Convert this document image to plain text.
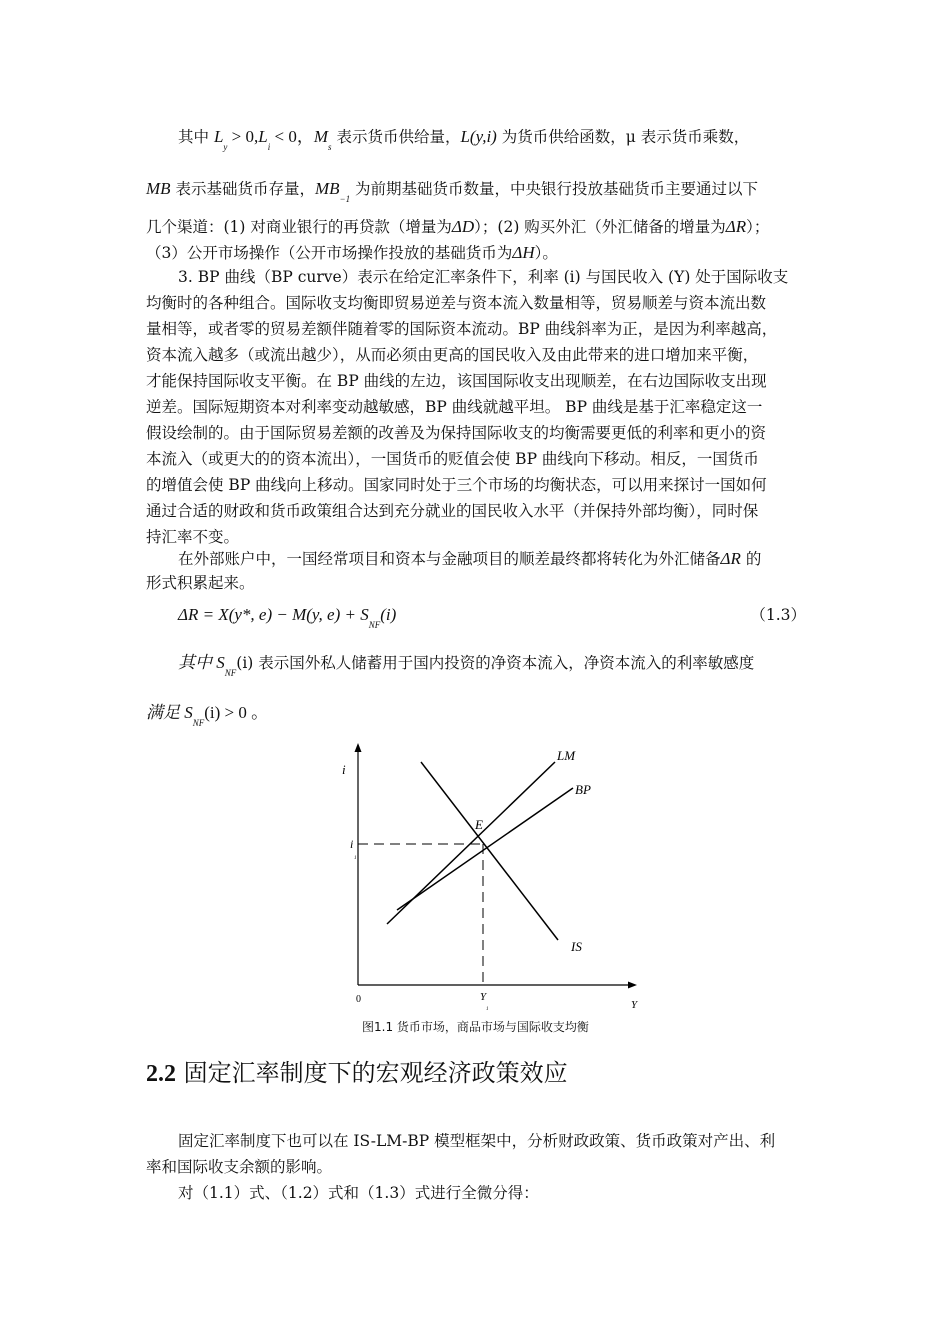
其中 $L_y > 0,L_i < 0$，$M_s$ 表示货币供给量，L(y,i) 为货币供给函数，μ 表示货币乘数，
MB 表示基础货币存量，$MB_{-1}$ 为前期基础货币数量，中央银行投放基础货币主要通过以下
几个渠道：(1) 对商业银行的再贷款（增量为ΔD）；(2) 购买外汇（外汇储备的增量为ΔR）；
（3）公开市场操作（公开市场操作投放的基础货币为ΔH）。
3. BP 曲线（BP curve）表示在给定汇率条件下，利率 (i) 与国民收入 (Y) 处于国际收支
均衡时的各种组合。国际收支均衡即贸易逆差与资本流入数量相等，贸易顺差与资本流出数
量相等，或者零的贸易差额伴随着零的国际资本流动。BP 曲线斜率为正，是因为利率越高，
资本流入越多（或流出越少），从而必须由更高的国民收入及由此带来的进口增加来平衡，
才能保持国际收支平衡。在 BP 曲线的左边，该国国际收支出现顺差，在右边国际收支出现
逆差。国际短期资本对利率变动越敏感，BP 曲线就越平坦。 BP 曲线是基于汇率稳定这一
假设绘制的。由于国际贸易差额的改善及为保持国际收支的均衡需要更低的利率和更小的资
本流入（或更大的的资本流出），一国货币的贬值会使 BP 曲线向下移动。相反，一国货币
的增值会使 BP 曲线向上移动。国家同时处于三个市场的均衡状态，可以用来探讨一国如何
通过合适的财政和货币政策组合达到充分就业的国民收入水平（并保持外部均衡），同时保
持汇率不变。
在外部账户中，一国经常项目和资本与金融项目的顺差最终都将转化为外汇储备ΔR 的
形式积累起来。
ΔR = X(y*, e) − M(y, $e) + S_{NF}(i)$	（1.3）
其中 $S_{NF}(i)$ 表示国外私人储蓄用于国内投资的净资本流入，净资本流入的利率敏感度
满足 $S_{NF}(i) > 0$ 。
i
Y
0
i
1
Y
1
E
LM
BP
IS
图1.1 货币市场，商品市场与国际收支均衡
2.2 固定汇率制度下的宏观经济政策效应
固定汇率制度下也可以在 IS-LM-BP 模型框架中，分析财政政策、货币政策对产出、利
率和国际收支余额的影响。
对（1.1）式、（1.2）式和（1.3）式进行全微分得：
